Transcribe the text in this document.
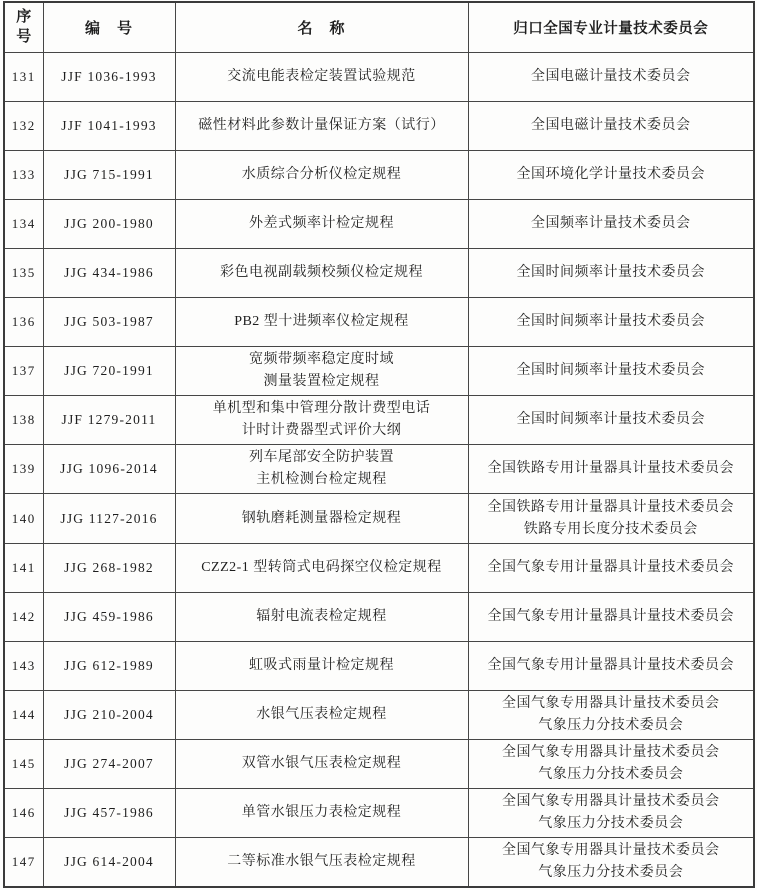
序号	编　号	名　称	归口全国专业计量技术委员会
131	JJF 1036-1993	交流电能表检定装置试验规范	全国电磁计量技术委员会

132	JJF 1041-1993	磁性材料此参数计量保证方案（试行）	全国电磁计量技术委员会

133	JJG 715-1991	水质综合分析仪检定规程	全国环境化学计量技术委员会

134	JJG 200-1980	外差式频率计检定规程	全国频率计量技术委员会

135	JJG 434-1986	彩色电视副载频校频仪检定规程	全国时间频率计量技术委员会

136	JJG 503-1987	PB2 型十进频率仪检定规程	全国时间频率计量技术委员会

137	JJG 720-1991	宽频带频率稳定度时域
测量装置检定规程	全国时间频率计量技术委员会

138	JJF 1279-2011	单机型和集中管理分散计费型电话
计时计费器型式评价大纲	全国时间频率计量技术委员会

139	JJG 1096-2014	列车尾部安全防护装置
主机检测台检定规程	全国铁路专用计量器具计量技术委员会

140	JJG 1127-2016	钢轨磨耗测量器检定规程	全国铁路专用计量器具计量技术委员会
铁路专用长度分技术委员会

141	JJG 268-1982	CZZ2-1 型转筒式电码探空仪检定规程	全国气象专用计量器具计量技术委员会

142	JJG 459-1986	辐射电流表检定规程	全国气象专用计量器具计量技术委员会

143	JJG 612-1989	虹吸式雨量计检定规程	全国气象专用计量器具计量技术委员会

144	JJG 210-2004	水银气压表检定规程	全国气象专用器具计量技术委员会
气象压力分技术委员会

145	JJG 274-2007	双管水银气压表检定规程	全国气象专用器具计量技术委员会
气象压力分技术委员会

146	JJG 457-1986	单管水银压力表检定规程	全国气象专用器具计量技术委员会
气象压力分技术委员会

147	JJG 614-2004	二等标准水银气压表检定规程	全国气象专用器具计量技术委员会
气象压力分技术委员会
